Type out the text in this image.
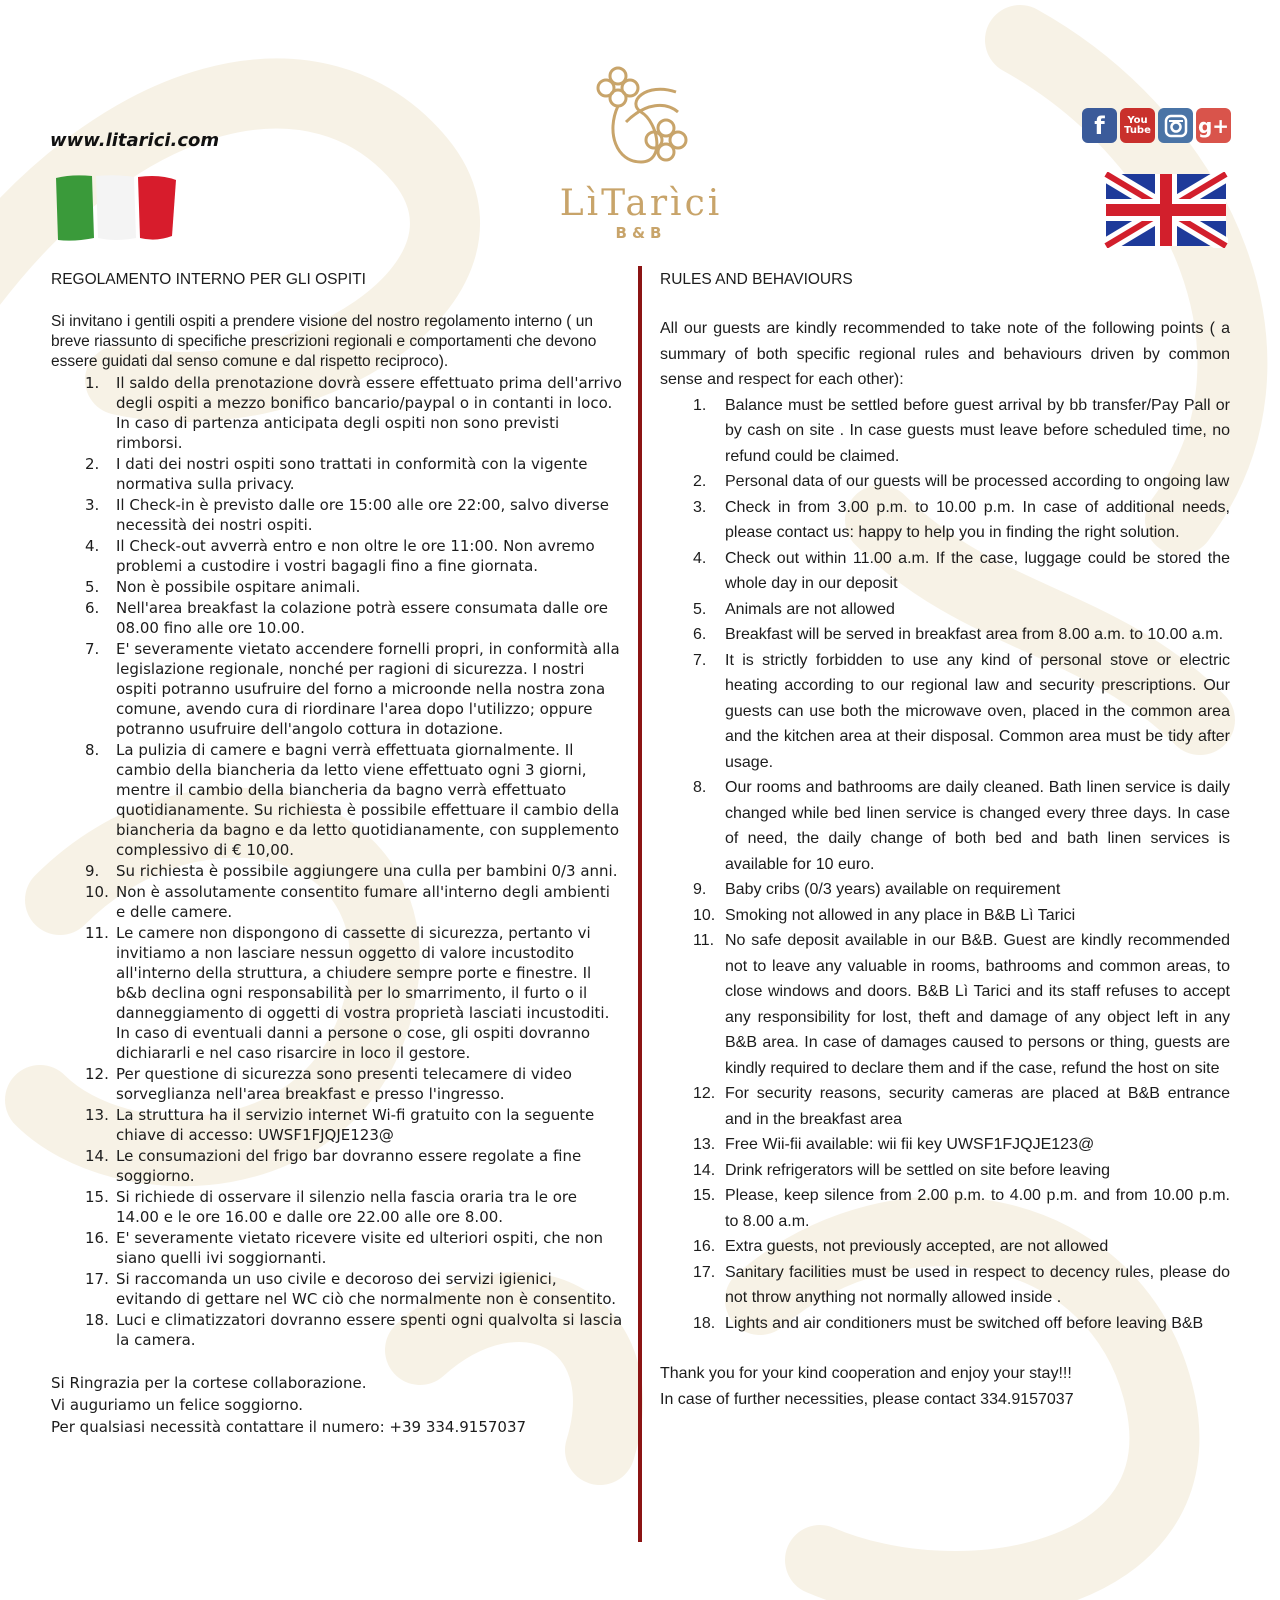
www.litarici.com
LìTarìci
B&B
f	You
Tube g+
REGOLAMENTO INTERNO PER GLI OSPITI
Si invitano i gentili ospiti a prendere visione del nostro regolamento interno ( un breve riassunto di specifiche prescrizioni regionali e comportamenti che devono essere guidati dal senso comune e dal rispetto reciproco).
1. Il saldo della prenotazione dovrà essere effettuato prima dell'arrivo degli ospiti a mezzo bonifico bancario/paypal o in contanti in loco. In caso di partenza anticipata degli ospiti non sono previsti rimborsi.
2. I dati dei nostri ospiti sono trattati in conformità con la vigente normativa sulla privacy.
3. Il Check-in è previsto dalle ore 15:00 alle ore 22:00, salvo diverse necessità dei nostri ospiti.
4. Il Check-out avverrà entro e non oltre le ore 11:00. Non avremo problemi a custodire i vostri bagagli fino a fine giornata.
5. Non è possibile ospitare animali.
6. Nell'area breakfast la colazione potrà essere consumata dalle ore 08.00 fino alle ore 10.00.
7. E' severamente vietato accendere fornelli propri, in conformità alla legislazione regionale, nonché per ragioni di sicurezza. I nostri ospiti potranno usufruire del forno a microonde nella nostra zona comune, avendo cura di riordinare l'area dopo l'utilizzo; oppure potranno usufruire dell'angolo cottura in dotazione.
8. La pulizia di camere e bagni verrà effettuata giornalmente. Il cambio della biancheria da letto viene effettuato ogni 3 giorni, mentre il cambio della biancheria da bagno verrà effettuato quotidianamente. Su richiesta è possibile effettuare il cambio della biancheria da bagno e da letto quotidianamente, con supplemento complessivo di € 10,00.
9. Su richiesta è possibile aggiungere una culla per bambini 0/3 anni.
10. Non è assolutamente consentito fumare all'interno degli ambienti e delle camere.
11. Le camere non dispongono di cassette di sicurezza, pertanto vi invitiamo a non lasciare nessun oggetto di valore incustodito all'interno della struttura, a chiudere sempre porte e finestre. Il b&b declina ogni responsabilità per lo smarrimento, il furto o il danneggiamento di oggetti di vostra proprietà lasciati incustoditi. In caso di eventuali danni a persone o cose, gli ospiti dovranno dichiararli e nel caso risarcire in loco il gestore.
12. Per questione di sicurezza sono presenti telecamere di video sorveglianza nell'area breakfast e presso l'ingresso.
13. La struttura ha il servizio internet Wi-fi gratuito con la seguente chiave di accesso: UWSF1FJQJE123@
14. Le consumazioni del frigo bar dovranno essere regolate a fine soggiorno.
15. Si richiede di osservare il silenzio nella fascia oraria tra le ore 14.00 e le ore 16.00 e dalle ore 22.00 alle ore 8.00.
16. E' severamente vietato ricevere visite ed ulteriori ospiti, che non siano quelli ivi soggiornanti.
17. Si raccomanda un uso civile e decoroso dei servizi igienici, evitando di gettare nel WC ciò che normalmente non è consentito.
18. Luci e climatizzatori dovranno essere spenti ogni qualvolta si lascia la camera.
Si Ringrazia per la cortese collaborazione.
Vi auguriamo un felice soggiorno.
Per qualsiasi necessità contattare il numero: +39 334.9157037
RULES AND BEHAVIOURS
All our guests are kindly recommended to take note of the following points ( a summary of both specific regional rules and behaviours driven by common sense and respect for each other):
1. Balance must be settled before guest arrival by bb transfer/Pay Pall or by cash on site . In case guests must leave before scheduled time, no refund could be claimed.
2. Personal data of our guests will be processed according to ongoing law
3. Check in from 3.00 p.m. to 10.00 p.m. In case of additional needs, please contact us: happy to help you in finding the right solution.
4. Check out within 11.00 a.m. If the case, luggage could be stored the whole day in our deposit
5. Animals are not allowed
6. Breakfast will be served in breakfast area from 8.00 a.m. to 10.00 a.m.
7. It is strictly forbidden to use any kind of personal stove or electric heating according to our regional law and security prescriptions. Our guests can use both the microwave oven, placed in the common area and the kitchen area at their disposal. Common area must be tidy after usage.
8. Our rooms and bathrooms are daily cleaned. Bath linen service is daily changed while bed linen service is changed every three days. In case of need, the daily change of both bed and bath linen services is available for 10 euro.
9. Baby cribs (0/3 years) available on requirement
10. Smoking not allowed in any place in B&B Lì Tarici
11. No safe deposit available in our B&B. Guest are kindly recommended not to leave any valuable in rooms, bathrooms and common areas, to close windows and doors. B&B Lì Tarici and its staff refuses to accept any responsibility for lost, theft and damage of any object left in any B&B area. In case of damages caused to persons or thing, guests are kindly required to declare them and if the case, refund the host on site
12. For security reasons, security cameras are placed at B&B entrance and in the breakfast area
13. Free Wii-fii available: wii fii key UWSF1FJQJE123@
14. Drink refrigerators will be settled on site before leaving
15. Please, keep silence from 2.00 p.m. to 4.00 p.m. and from 10.00 p.m. to 8.00 a.m.
16. Extra guests, not previously accepted, are not allowed
17. Sanitary facilities must be used in respect to decency rules, please do not throw anything not normally allowed inside .
18. Lights and air conditioners must be switched off before leaving B&B
Thank you for your kind cooperation and enjoy your stay!!!
In case of further necessities, please contact 334.9157037
